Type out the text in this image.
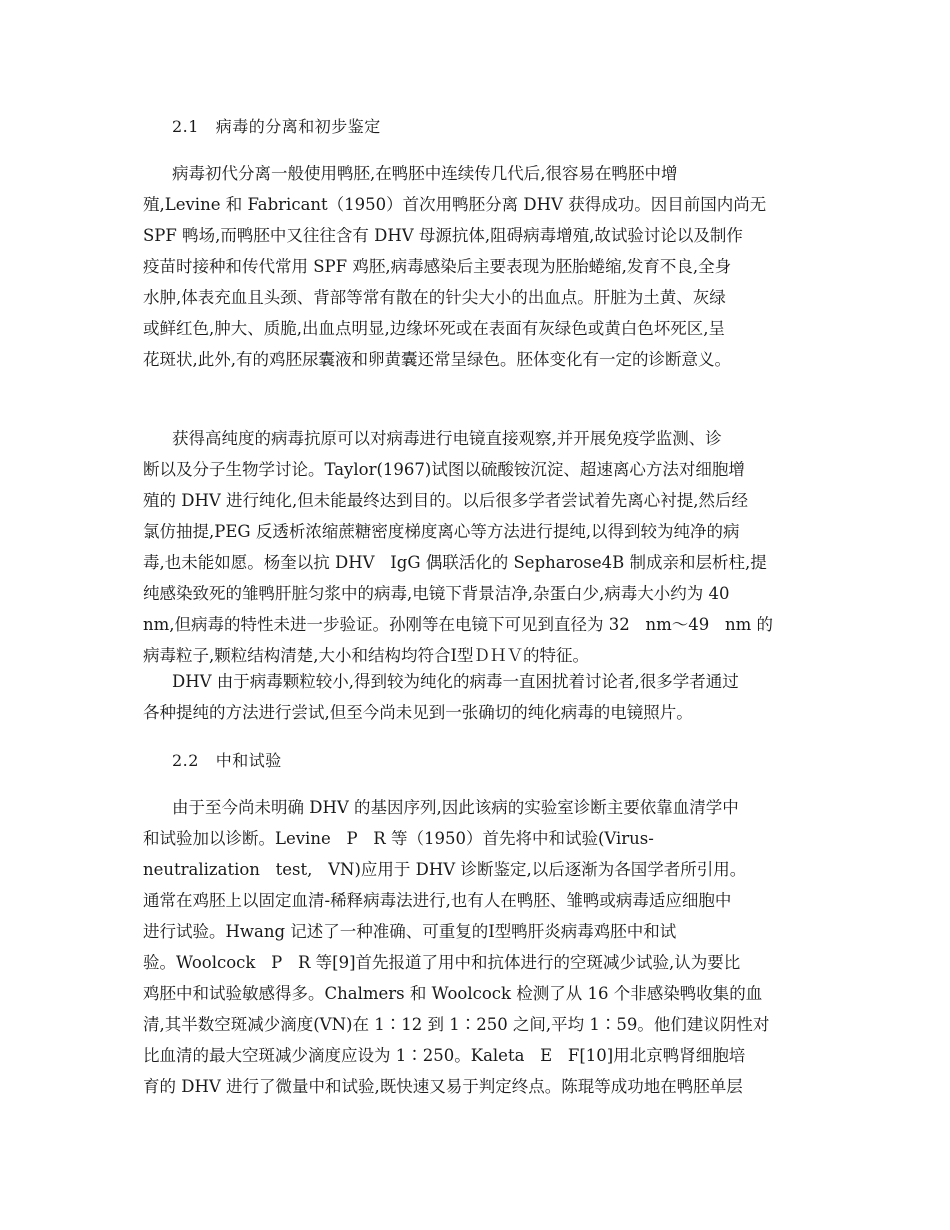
2.1   病毒的分离和初步鉴定
病毒初代分离一般使用鸭胚,在鸭胚中连续传几代后,很容易在鸭胚中增
殖,Levine 和 Fabricant（1950）首次用鸭胚分离 DHV 获得成功。因目前国内尚无
SPF 鸭场,而鸭胚中又往往含有 DHV 母源抗体,阻碍病毒增殖,故试验讨论以及制作
疫苗时接种和传代常用 SPF 鸡胚,病毒感染后主要表现为胚胎蜷缩,发育不良,全身
水肿,体表充血且头颈、背部等常有散在的针尖大小的出血点。肝脏为土黄、灰绿
或鲜红色,肿大、质脆,出血点明显,边缘坏死或在表面有灰绿色或黄白色坏死区,呈
花斑状,此外,有的鸡胚尿囊液和卵黄囊还常呈绿色。胚体变化有一定的诊断意义。
获得高纯度的病毒抗原可以对病毒进行电镜直接观察,并开展免疫学监测、诊
断以及分子生物学讨论。Taylor(1967)试图以硫酸铵沉淀、超速离心方法对细胞增
殖的 DHV 进行纯化,但未能最终达到目的。以后很多学者尝试着先离心衬提,然后经
氯仿抽提,PEG 反透析浓缩蔗糖密度梯度离心等方法进行提纯,以得到较为纯净的病
毒,也未能如愿。杨奎以抗 DHV   IgG 偶联活化的 Sepharose4B 制成亲和层析柱,提
纯感染致死的雏鸭肝脏匀浆中的病毒,电镜下背景洁净,杂蛋白少,病毒大小约为 40
nm,但病毒的特性未进一步验证。孙刚等在电镜下可见到直径为 32   nm～49   nm 的
病毒粒子,颗粒结构清楚,大小和结构均符合Ⅰ型ＤＨＶ的特征。
DHV 由于病毒颗粒较小,得到较为纯化的病毒一直困扰着讨论者,很多学者通过
各种提纯的方法进行尝试,但至今尚未见到一张确切的纯化病毒的电镜照片。
2.2   中和试验
由于至今尚未明确 DHV 的基因序列,因此该病的实验室诊断主要依靠血清学中
和试验加以诊断。Levine   P   R 等（1950）首先将中和试验(Virus-
neutralization   test,   VN)应用于 DHV 诊断鉴定,以后逐渐为各国学者所引用。
通常在鸡胚上以固定血清-稀释病毒法进行,也有人在鸭胚、雏鸭或病毒适应细胞中
进行试验。Hwang 记述了一种准确、可重复的Ⅰ型鸭肝炎病毒鸡胚中和试
验。Woolcock   P   R 等[9]首先报道了用中和抗体进行的空斑减少试验,认为要比
鸡胚中和试验敏感得多。Chalmers 和 Woolcock 检测了从 16 个非感染鸭收集的血
清,其半数空斑减少滴度(VN)在 1∶12 到 1∶250 之间,平均 1∶59。他们建议阴性对
比血清的最大空斑减少滴度应设为 1∶250。Kaleta   E   F[10]用北京鸭肾细胞培
育的 DHV 进行了微量中和试验,既快速又易于判定终点。陈琨等成功地在鸭胚单层
